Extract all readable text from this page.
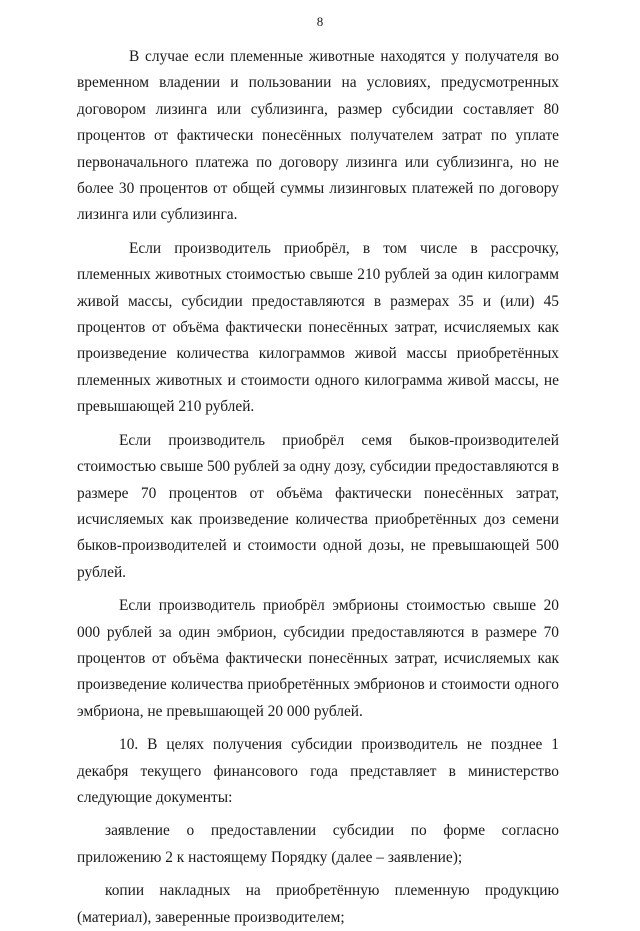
8

В случае если племенные животные находятся у получателя во временном владении и пользовании на условиях, предусмотренных договором лизинга или сублизинга, размер субсидии составляет 80 процентов от фактически понесённых получателем затрат по уплате первоначального платежа по договору лизинга или сублизинга, но не более 30 процентов от общей суммы лизинговых платежей по договору лизинга или сублизинга.

Если производитель приобрёл, в том числе в рассрочку, племенных животных стоимостью свыше 210 рублей за один килограмм живой массы, субсидии предоставляются в размерах 35 и (или) 45 процентов от объёма фактически понесённых затрат, исчисляемых как произведение количества килограммов живой массы приобретённых племенных животных и стоимости одного килограмма живой массы, не превышающей 210 рублей.

Если производитель приобрёл семя быков-производителей стоимостью свыше 500 рублей за одну дозу, субсидии предоставляются в размере 70 процентов от объёма фактически понесённых затрат, исчисляемых как произведение количества приобретённых доз семени быков-производителей и стоимости одной дозы, не превышающей 500 рублей.

Если производитель приобрёл эмбрионы стоимостью свыше 20 000 рублей за один эмбрион, субсидии предоставляются в размере 70 процентов от объёма фактически понесённых затрат, исчисляемых как произведение количества приобретённых эмбрионов и стоимости одного эмбриона, не превышающей 20 000 рублей.

10. В целях получения субсидии производитель не позднее 1 декабря текущего финансового года представляет в министерство следующие документы:

заявление о предоставлении субсидии по форме согласно приложению 2 к настоящему Порядку (далее – заявление);

копии накладных на приобретённую племенную продукцию (материал), заверенные производителем;
